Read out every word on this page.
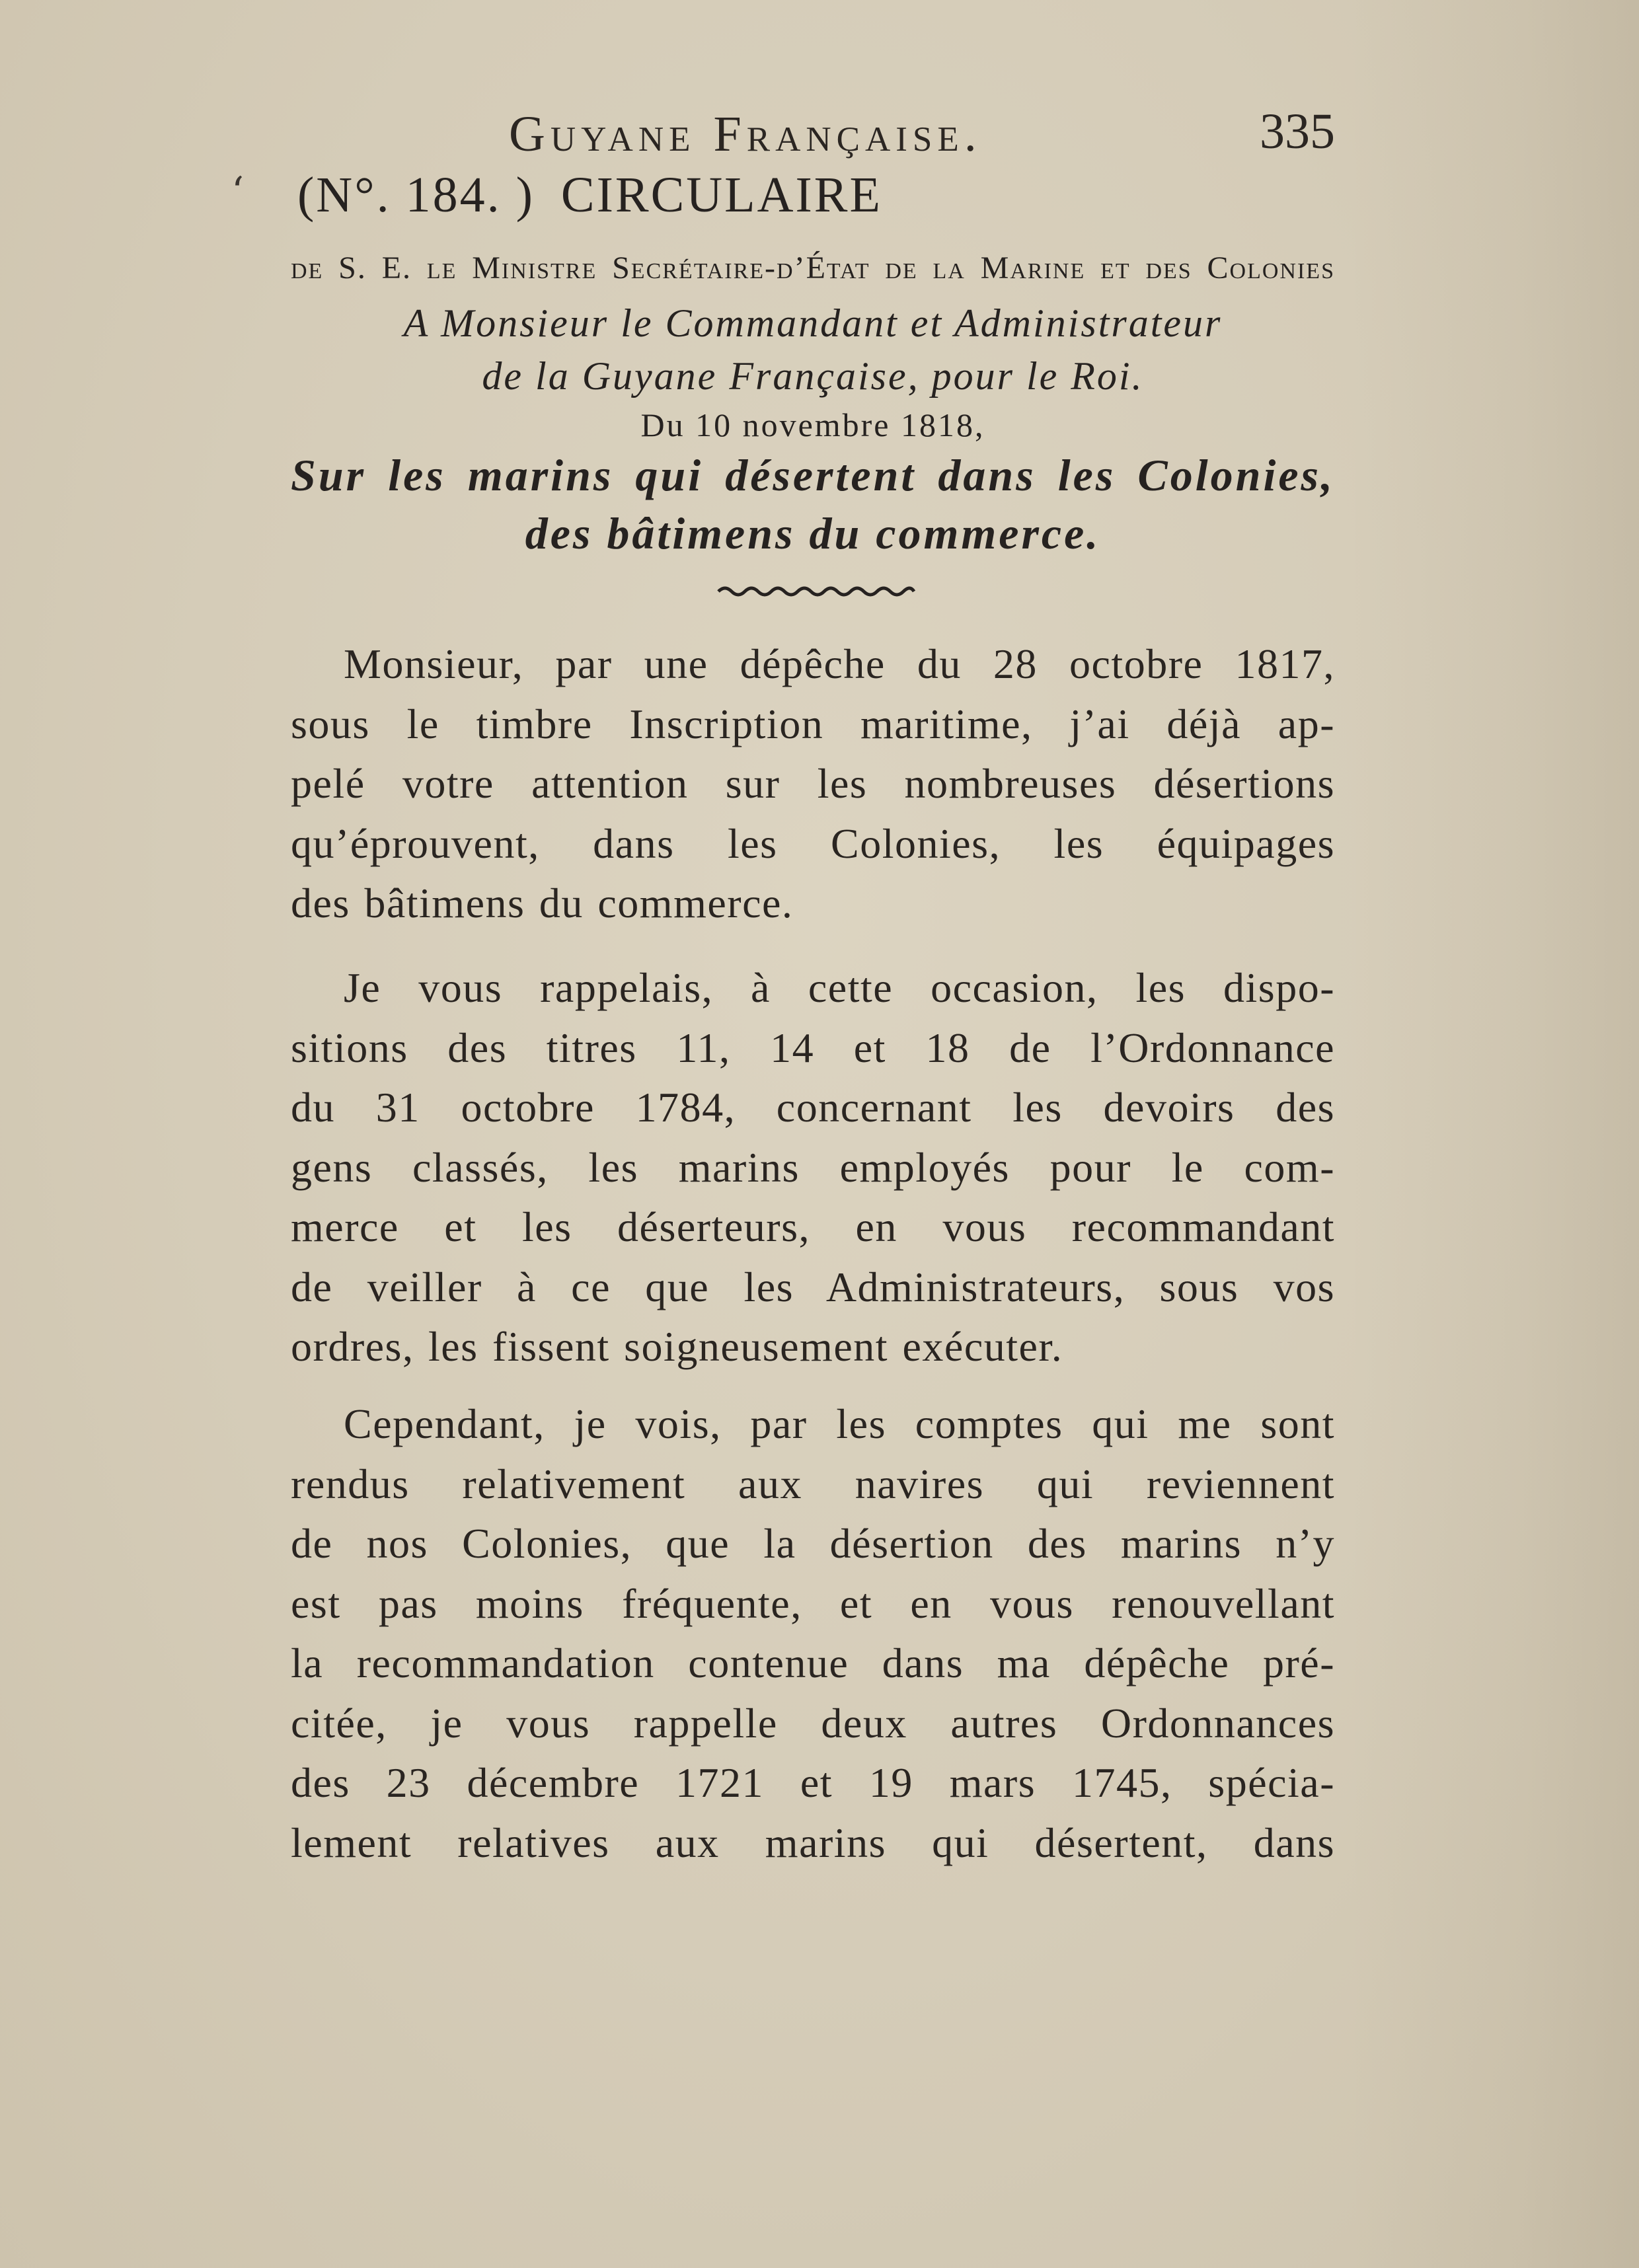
Guyane Française.	335
‘	(N°. 184. ) CIRCULAIRE
de S. E. le Ministre Secrétaire-d’État de la Marine et des Colonies
A Monsieur le Commandant et Administrateur
de la Guyane Française, pour le Roi.
Du 10 novembre 1818,
Sur les marins qui désertent dans les Colonies,
des bâtimens du commerce.
Monsieur, par une dépêche du 28 octobre 1817,
sous le timbre Inscription maritime, j’ai déjà ap-
pelé votre attention sur les nombreuses désertions
qu’éprouvent, dans les Colonies, les équipages
des bâtimens du commerce.
Je vous rappelais, à cette occasion, les dispo-
sitions des titres 11, 14 et 18 de l’Ordonnance
du 31 octobre 1784, concernant les devoirs des
gens classés, les marins employés pour le com-
merce et les déserteurs, en vous recommandant
de veiller à ce que les Administrateurs, sous vos
ordres, les fissent soigneusement exécuter.
Cependant, je vois, par les comptes qui me sont
rendus relativement aux navires qui reviennent
de nos Colonies, que la désertion des marins n’y
est pas moins fréquente, et en vous renouvellant
la recommandation contenue dans ma dépêche pré-
citée, je vous rappelle deux autres Ordonnances
des 23 décembre 1721 et 19 mars 1745, spécia-
lement relatives aux marins qui désertent, dans
